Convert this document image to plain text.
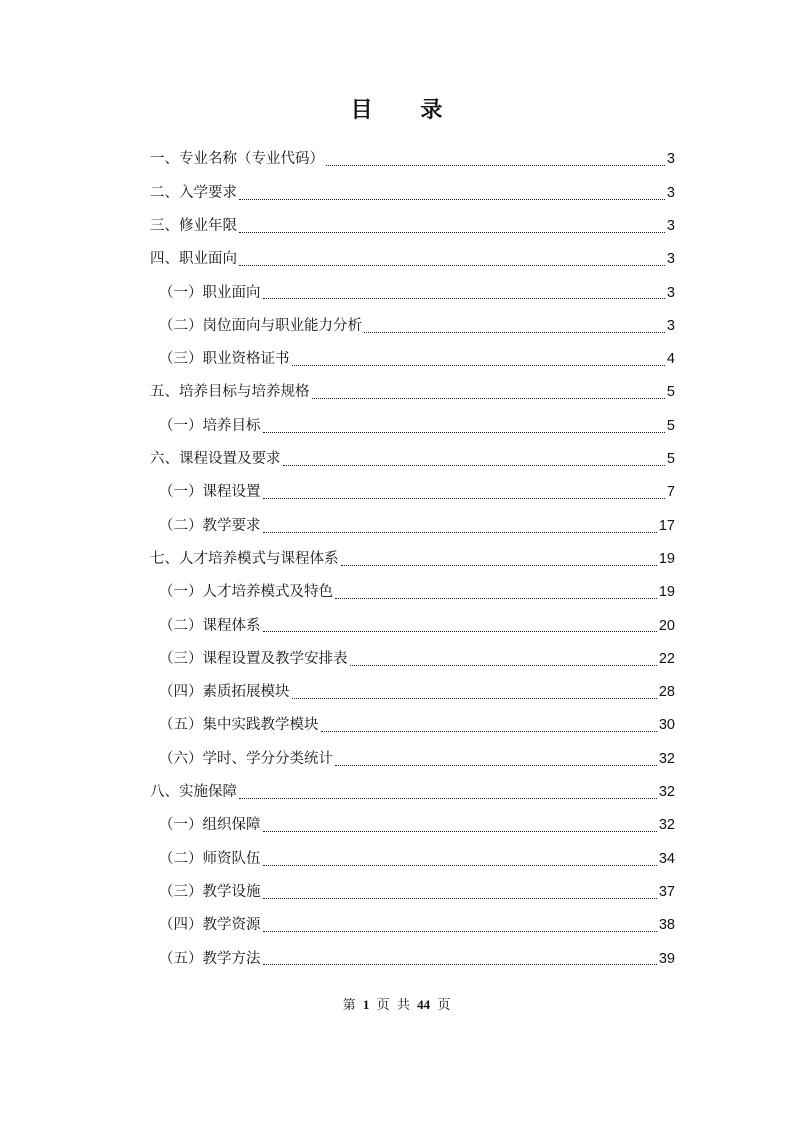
目 录
一、专业名称（专业代码）	3
二、入学要求	3
三、修业年限	3
四、职业面向	3
（一）职业面向	3
（二）岗位面向与职业能力分析	3
（三）职业资格证书	4
五、培养目标与培养规格	5
（一）培养目标	5
六、课程设置及要求	5
（一）课程设置	7
（二）教学要求	17
七、人才培养模式与课程体系	19
（一）人才培养模式及特色	19
（二）课程体系	20
（三）课程设置及教学安排表	22
（四）素质拓展模块	28
（五）集中实践教学模块	30
（六）学时、学分分类统计	32
八、实施保障	32
（一）组织保障	32
（二）师资队伍	34
（三）教学设施	37
（四）教学资源	38
（五）教学方法	39
第 1 页 共 44 页
